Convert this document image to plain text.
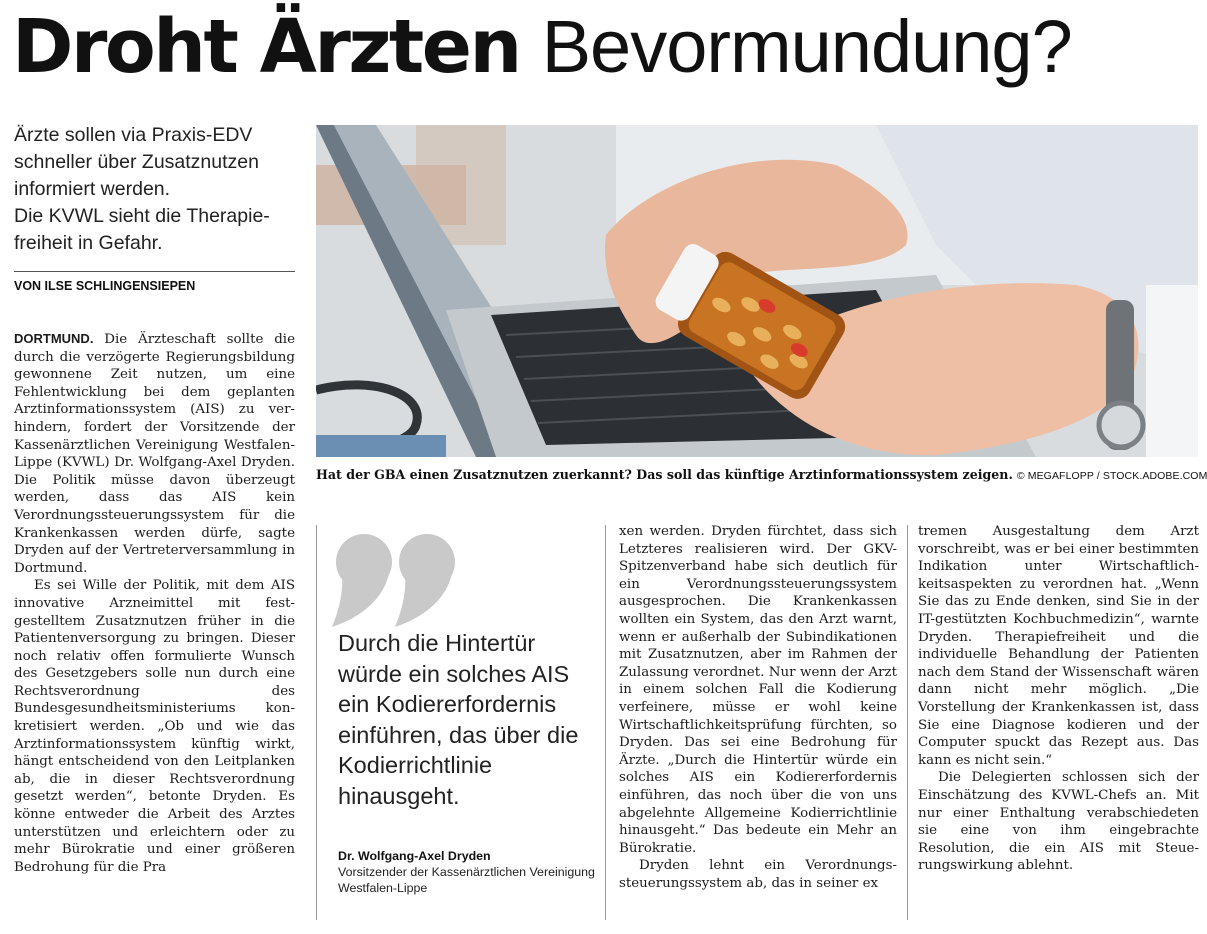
Droht Ärzten Bevormundung?

Ärzte sollen via Praxis-EDV schneller über Zusatznutzen informiert werden.

Die KVWL sieht die Therapiefreiheit in Gefahr.

VON ILSE SCHLINGENSIEPEN
Hat der GBA einen Zusatznutzen zuerkannt? Das soll das künftige Arztinformationssystem zeigen. © MEGAFLOPP / STOCK.ADOBE.COM

DORTMUND. Die Ärzteschaft sollte die durch die verzögerte Regierungsbildung gewonnene Zeit nutzen, um eine Fehlentwicklung bei dem geplanten Arztinformationssystem (AIS) zu verhindern, fordert der Vorsitzende der Kassenärztlichen Vereinigung Westfalen-Lippe (KVWL) Dr. Wolfgang-Axel Dryden. Die Politik müsse davon überzeugt werden, dass das AIS kein Verordnungssteuerungssystem für die Krankenkassen werden dürfe, sagte Dryden auf der Vertreterversammlung in Dortmund.

Es sei Wille der Politik, mit dem AIS innovative Arzneimittel mit festgestelltem Zusatznutzen früher in die Patientenversorgung zu bringen. Dieser noch relativ offen formulierte Wunsch des Gesetzgebers solle nun durch eine Rechtsverordnung des Bundesgesundheitsministeriums konkretisiert werden. „Ob und wie das Arztinformationssystem künftig wirkt, hängt entscheidend von den Leitplanken ab, die in dieser Rechtsverordnung gesetzt werden“, betonte Dryden. Es könne entweder die Arbeit des Arztes unterstützen und erleichtern oder zu mehr Bürokratie und einer größeren Bedrohung für die Pra

Durch die Hintertür würde ein solches AIS ein Kodiererfordernis einführen, das über die Kodierrichtlinie hinausgeht.
Dr. Wolfgang-Axel Dryden
Vorsitzender der Kassenärztlichen Vereinigung Westfalen-Lippe

xen werden. Dryden fürchtet, dass sich Letzteres realisieren wird. Der GKV-Spitzenverband habe sich deutlich für ein Verordnungssteuerungssystem ausgesprochen. Die Krankenkassen wollten ein System, das den Arzt warnt, wenn er außerhalb der Subindikationen mit Zusatznutzen, aber im Rahmen der Zulassung verordnet. Nur wenn der Arzt in einem solchen Fall die Kodierung verfeinere, müsse er wohl keine Wirtschaftlichkeitsprüfung fürchten, so Dryden. Das sei eine Bedrohung für Ärzte. „Durch die Hintertür würde ein solches AIS ein Kodiererfordernis einführen, das noch über die von uns abgelehnte Allgemeine Kodierrichtlinie hinausgeht.“ Das bedeute ein Mehr an Bürokratie.

Dryden lehnt ein Verordnungssteuerungssystem ab, das in seiner ex

tremen Ausgestaltung dem Arzt vorschreibt, was er bei einer bestimmten Indikation unter Wirtschaftlichkeitsaspekten zu verordnen hat. „Wenn Sie das zu Ende denken, sind Sie in der IT-gestützten Kochbuchmedizin“, warnte Dryden. Therapiefreiheit und die individuelle Behandlung der Patienten nach dem Stand der Wissenschaft wären dann nicht mehr möglich. „Die Vorstellung der Krankenkassen ist, dass Sie eine Diagnose kodieren und der Computer spuckt das Rezept aus. Das kann es nicht sein.“

Die Delegierten schlossen sich der Einschätzung des KVWL-Chefs an. Mit nur einer Enthaltung verabschiedeten sie eine von ihm eingebrachte Resolution, die ein AIS mit Steuerungswirkung ablehnt.
